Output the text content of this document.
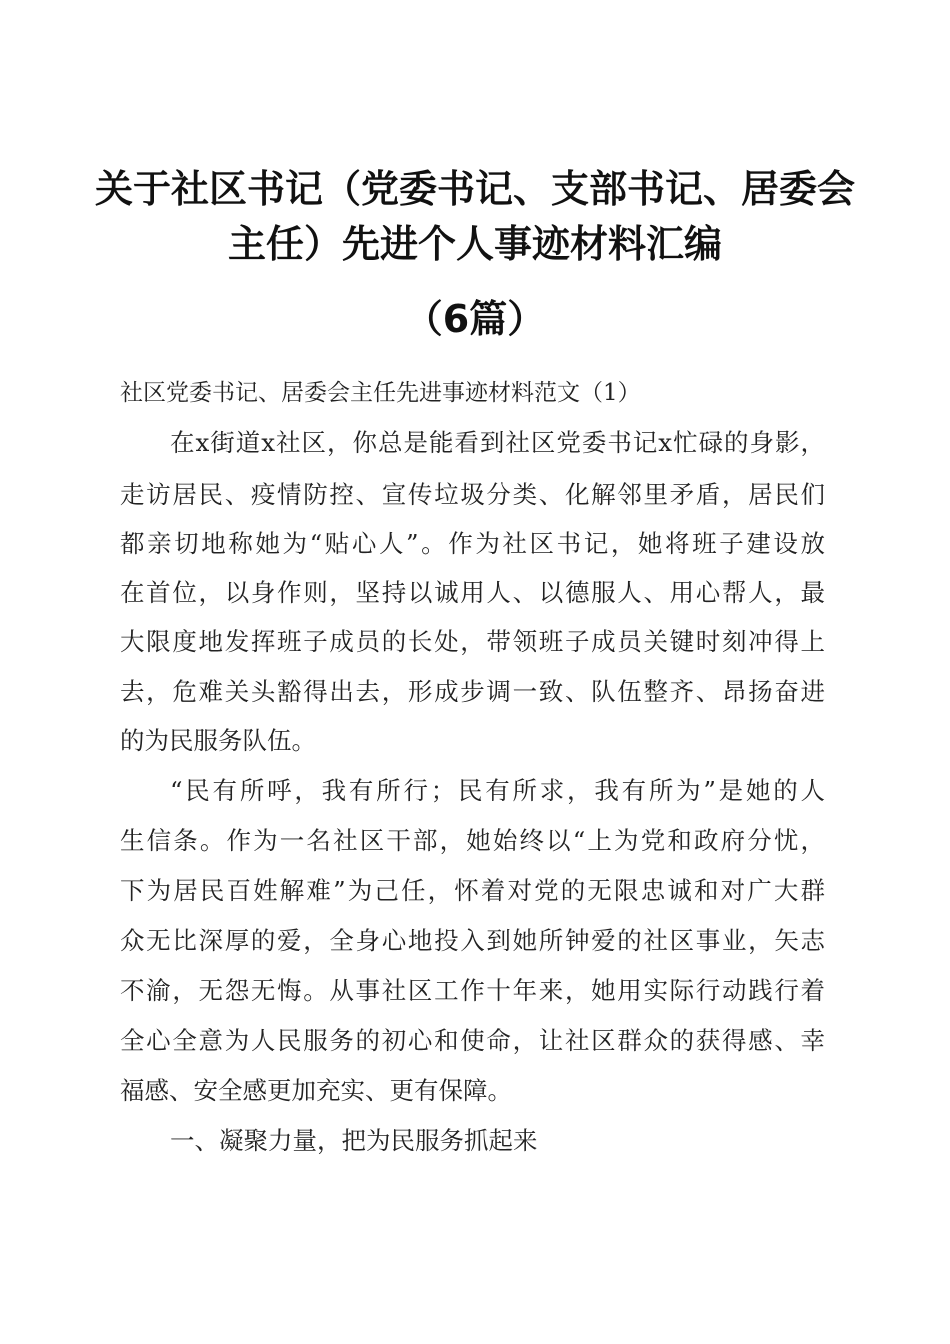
关于社区书记（党委书记、支部书记、居委会
主任）先进个人事迹材料汇编
（6篇）
社区党委书记、居委会主任先进事迹材料范文（1）
在x街道x社区，你总是能看到社区党委书记x忙碌的身影，
走访居民、疫情防控、宣传垃圾分类、化解邻里矛盾，居民们
都亲切地称她为“贴心人”。作为社区书记，她将班子建设放
在首位，以身作则，坚持以诚用人、以德服人、用心帮人，最
大限度地发挥班子成员的长处，带领班子成员关键时刻冲得上
去，危难关头豁得出去，形成步调一致、队伍整齐、昂扬奋进
的为民服务队伍。
“民有所呼，我有所行；民有所求，我有所为”是她的人
生信条。作为一名社区干部，她始终以“上为党和政府分忧，
下为居民百姓解难”为己任，怀着对党的无限忠诚和对广大群
众无比深厚的爱，全身心地投入到她所钟爱的社区事业，矢志
不渝，无怨无悔。从事社区工作十年来，她用实际行动践行着
全心全意为人民服务的初心和使命，让社区群众的获得感、幸
福感、安全感更加充实、更有保障。
一、凝聚力量，把为民服务抓起来
